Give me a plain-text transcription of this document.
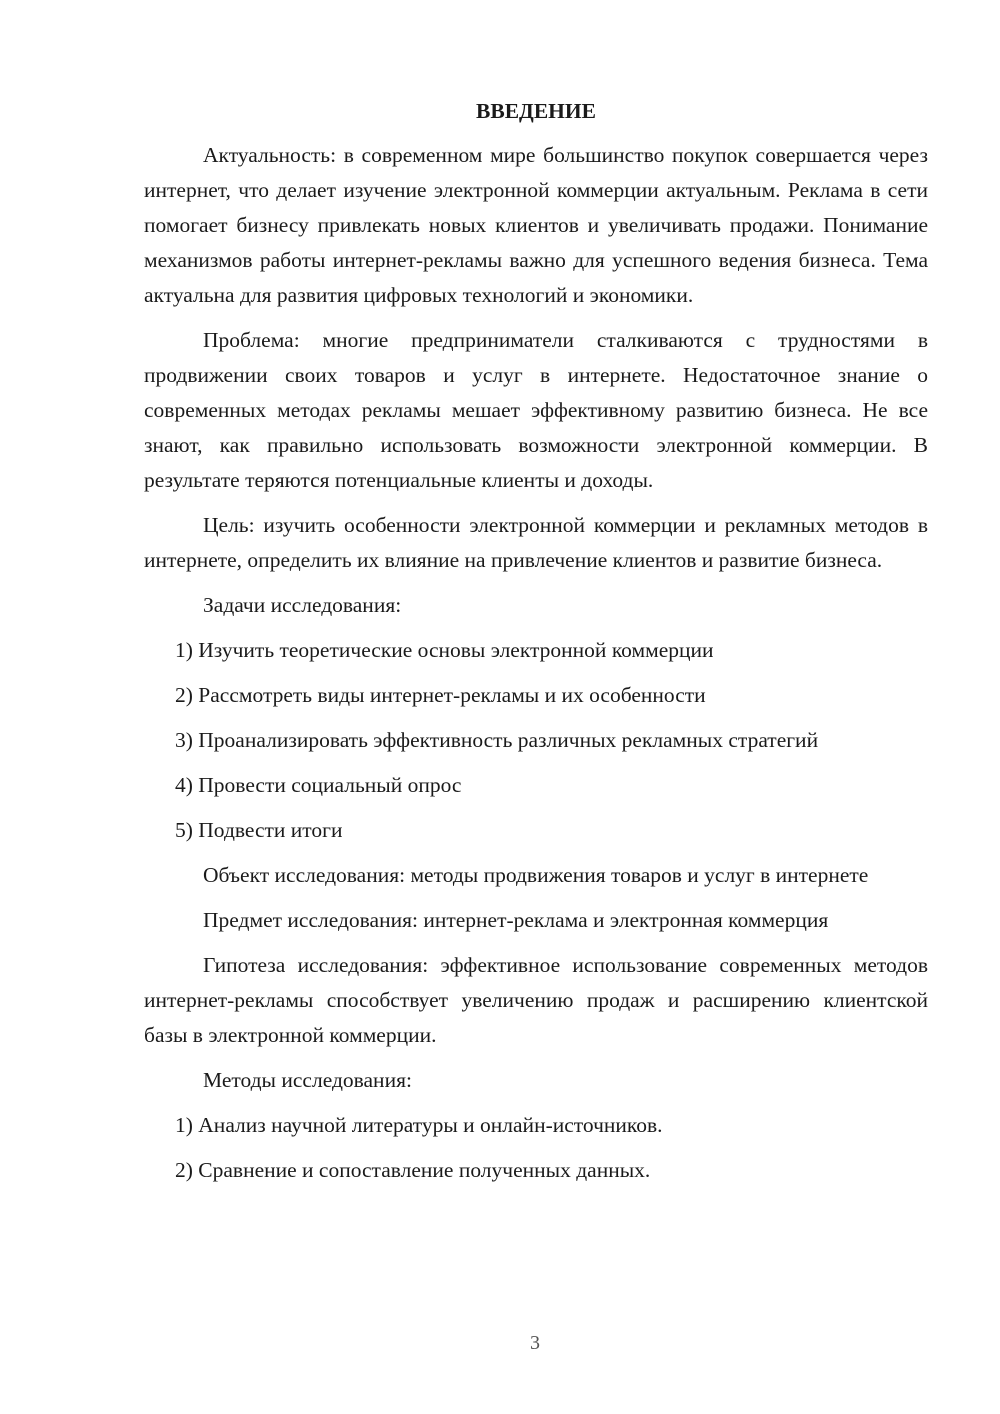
ВВЕДЕНИЕ

Актуальность: в современном мире большинство покупок совершается через интернет, что делает изучение электронной коммерции актуальным. Реклама в сети помогает бизнесу привлекать новых клиентов и увеличивать продажи. Понимание механизмов работы интернет-рекламы важно для успешного ведения бизнеса. Тема актуальна для развития цифровых технологий и экономики.

Проблема: многие предприниматели сталкиваются с трудностями в продвижении своих товаров и услуг в интернете. Недостаточное знание о современных методах рекламы мешает эффективному развитию бизнеса. Не все знают, как правильно использовать возможности электронной коммерции. В результате теряются потенциальные клиенты и доходы.

Цель: изучить особенности электронной коммерции и рекламных методов в интернете, определить их влияние на привлечение клиентов и развитие бизнеса.

Задачи исследования:

1) Изучить теоретические основы электронной коммерции

2) Рассмотреть виды интернет-рекламы и их особенности

3) Проанализировать эффективность различных рекламных стратегий

4) Провести социальный опрос

5) Подвести итоги

Объект исследования: методы продвижения товаров и услуг в интернете

Предмет исследования: интернет-реклама и электронная коммерция

Гипотеза исследования: эффективное использование современных методов интернет-рекламы способствует увеличению продаж и расширению клиентской базы в электронной коммерции.

Методы исследования:

1) Анализ научной литературы и онлайн-источников.

2) Сравнение и сопоставление полученных данных.

3
